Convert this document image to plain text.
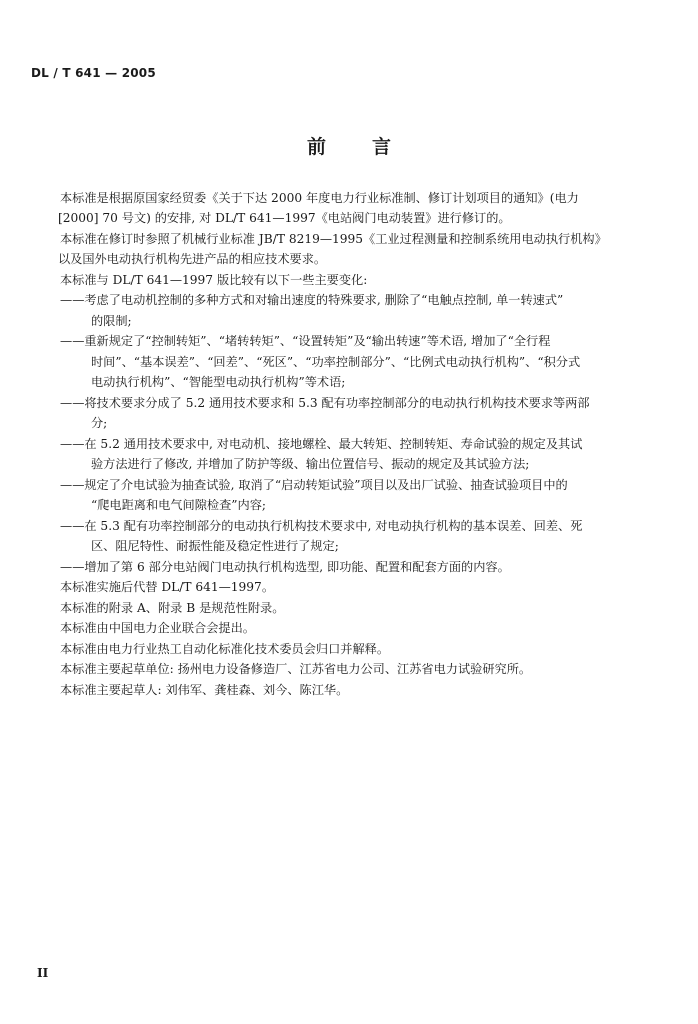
DL / T 641 — 2005
前 言
本标准是根据原国家经贸委《关于下达 2000 年度电力行业标准制、修订计划项目的通知》(电力
[2000] 70 号文) 的安排, 对 DL/T 641—1997《电站阀门电动装置》进行修订的。
本标准在修订时参照了机械行业标准 JB/T 8219—1995《工业过程测量和控制系统用电动执行机构》
以及国外电动执行机构先进产品的相应技术要求。
本标准与 DL/T 641—1997 版比较有以下一些主要变化:
——考虑了电动机控制的多种方式和对输出速度的特殊要求, 删除了“电触点控制, 单一转速式”
的限制;
——重新规定了“控制转矩”、“堵转转矩”、“设置转矩”及“输出转速”等术语, 增加了“全行程
时间”、“基本误差”、“回差”、“死区”、“功率控制部分”、“比例式电动执行机构”、“积分式
电动执行机构”、“智能型电动执行机构”等术语;
——将技术要求分成了 5.2 通用技术要求和 5.3 配有功率控制部分的电动执行机构技术要求等两部
分;
——在 5.2 通用技术要求中, 对电动机、接地螺栓、最大转矩、控制转矩、寿命试验的规定及其试
验方法进行了修改, 并增加了防护等级、输出位置信号、振动的规定及其试验方法;
——规定了介电试验为抽查试验, 取消了“启动转矩试验”项目以及出厂试验、抽查试验项目中的
“爬电距离和电气间隙检查”内容;
——在 5.3 配有功率控制部分的电动执行机构技术要求中, 对电动执行机构的基本误差、回差、死
区、阻尼特性、耐振性能及稳定性进行了规定;
——增加了第 6 部分电站阀门电动执行机构选型, 即功能、配置和配套方面的内容。
本标准实施后代替 DL/T 641—1997。
本标准的附录 A、附录 B 是规范性附录。
本标准由中国电力企业联合会提出。
本标准由电力行业热工自动化标准化技术委员会归口并解释。
本标准主要起草单位: 扬州电力设备修造厂、江苏省电力公司、江苏省电力试验研究所。
本标准主要起草人: 刘伟军、龚桂森、刘今、陈江华。
II
